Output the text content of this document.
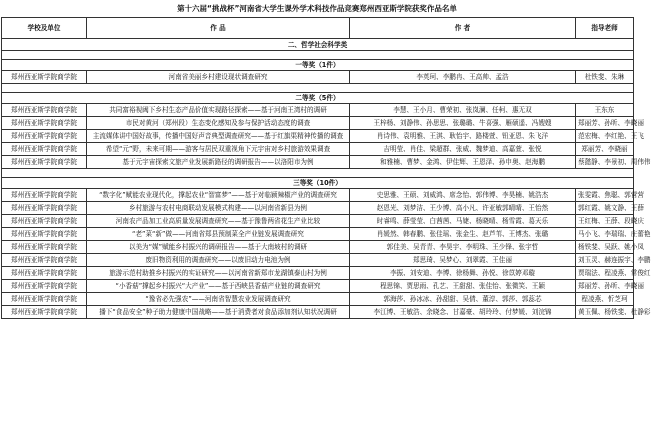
第十六届“挑战杯”河南省大学生课外学术科技作品竞赛郑州西亚斯学院获奖作品名单
学校及单位	作 品	作 者	指导老师
二、哲学社会科学类			

一等奖（1件）			
郑州西亚斯学院商学院	河南省美丽乡村建设现状调查研究	李英珂、李鹏冉、王高帅、孟浩	杜铁斐、朱琳

二等奖（5件）			
郑州西亚斯学院商学院	共同富裕视阈下乡村生态产品价值实现路径探索——基于河南王湾村的调研	李慧、王小月、曹荣初、张岚澜、任柯、惠无双	王东东
郑州西亚斯学院商学院	市民对黄河（郑州段）生态变化感知及参与保护活动态度的调查	王梓杨、刘静伟、孙思思、张璐璐、牛喜强、雁硕遥、冯嫂嫂	郑丽芳、孙昕、李晓丽
郑州西亚斯学院商学院	主流媒体讲中国好故事，传播中国好声音典型调查研究——基于红旗渠精神传播的调查	肖诗伟、袁明雅、王淇、耿怡宇、路楼萱、钮亚恩、朱飞洋	范宏梅、李红艳、王飞
郑州西亚斯学院商学院	希望“元”野，未来可期——游客与居民双重视角下元宇宙对乡村旅游效果调查	吉明莹、肖佳、梁超群、张威、魏梦迪、高嘉萱、张悦	郑丽芳、李晓丽
郑州西亚斯学院商学院	基于元宇宙探索文旅产业发展新路径的调研报告——以洛阳市为例	和雅楠、曹梦、金鸿、伊佳辉、王恩泽、孙申奥、赵海鹏	蔡懿静、李景初、周伟伟

三等奖（10件）			
郑州西亚斯学院商学院	“数字化”赋能农业现代化，撑起农业“智富梦”——基于对临颍辣椒产业的调查研究	史思雅、王硕、刘威鸿、席念怡、郭伟博、李昊楠、姚浩杰	张雯霞、焦聪、郭营营
郑州西亚斯学院商学院	乡村旅游与农村电商联动发展模式构建——以河南省新县为例	赵恩光、刘梦洁、王少博、高小凡、许亚敏郭晴晴、王怡然	郭红霞、姚文静、王薛
郑州西亚斯学院商学院	河南农产品加工业高质量发展调查研究——基于豫鲁两省花生产业比较	时睿鸣、薛莹莹、白茜茜、马婕、杨晓晴、杨雪霞、葛天乐	王红梅、王薛、段晓庆
郑州西亚斯学院商学院	“老”菜“新”做——河南省郑县预制菜全产业链发展调查研究	肖媛然、韩春鹏、张佳瑶、张金生、赵芦苇、王博杰、张璐	马小飞、李瑞瑞、庄蕾艳
郑州西亚斯学院商学院	以美为“媒”赋能乡村振兴的调研报告——基于大南坡村的调研	郭佳美、吴青青、李昊宇、李明珠、王少锋、张宇哲	杨铁斐、吴跃、姚小凤
郑州西亚斯学院商学院	废旧物资利用的调查研究——以废旧动力电池为例	郑思琦、吴梦心、刘翠霞、王佳丽	刘玉灵、赫连振宇、李鹏
郑州西亚斯学院商学院	旅游示范村助推乡村振兴的实证研究——以河南省新郑市龙湖镇泰山村为例	李振、刘安迪、李博、徐杨舞、孙悦、徐苡婷邓璇	贾瑞法、程凌燕、常俊红
郑州西亚斯学院商学院	“小香菇”撑起乡村振兴“大产业”——基于西峡县香菇产业链的调查研究	程思锦、贾思雨、孔艺、王甜甜、张佳怡、张微笑、王颖	郑丽芳、孙昕、李晓丽
郑州西亚斯学院商学院	“豫省必先强农”——河南省智慧农业发展调查研究	郭海莎、孙冰冰、孙甜甜、吴倩、董淳、郭莎、郭蕊芯	程凌燕、忻芝珂
郑州西亚斯学院商学院	播下“食品安全”种子助力健康中国战略——基于消费者对食品添加剂认知状况调研	李江博、王敏浩、余晓念、甘嘉豪、胡玲玲、付梦媛、刘浣锦	黄玉佩、杨铁斐、杜静彩
